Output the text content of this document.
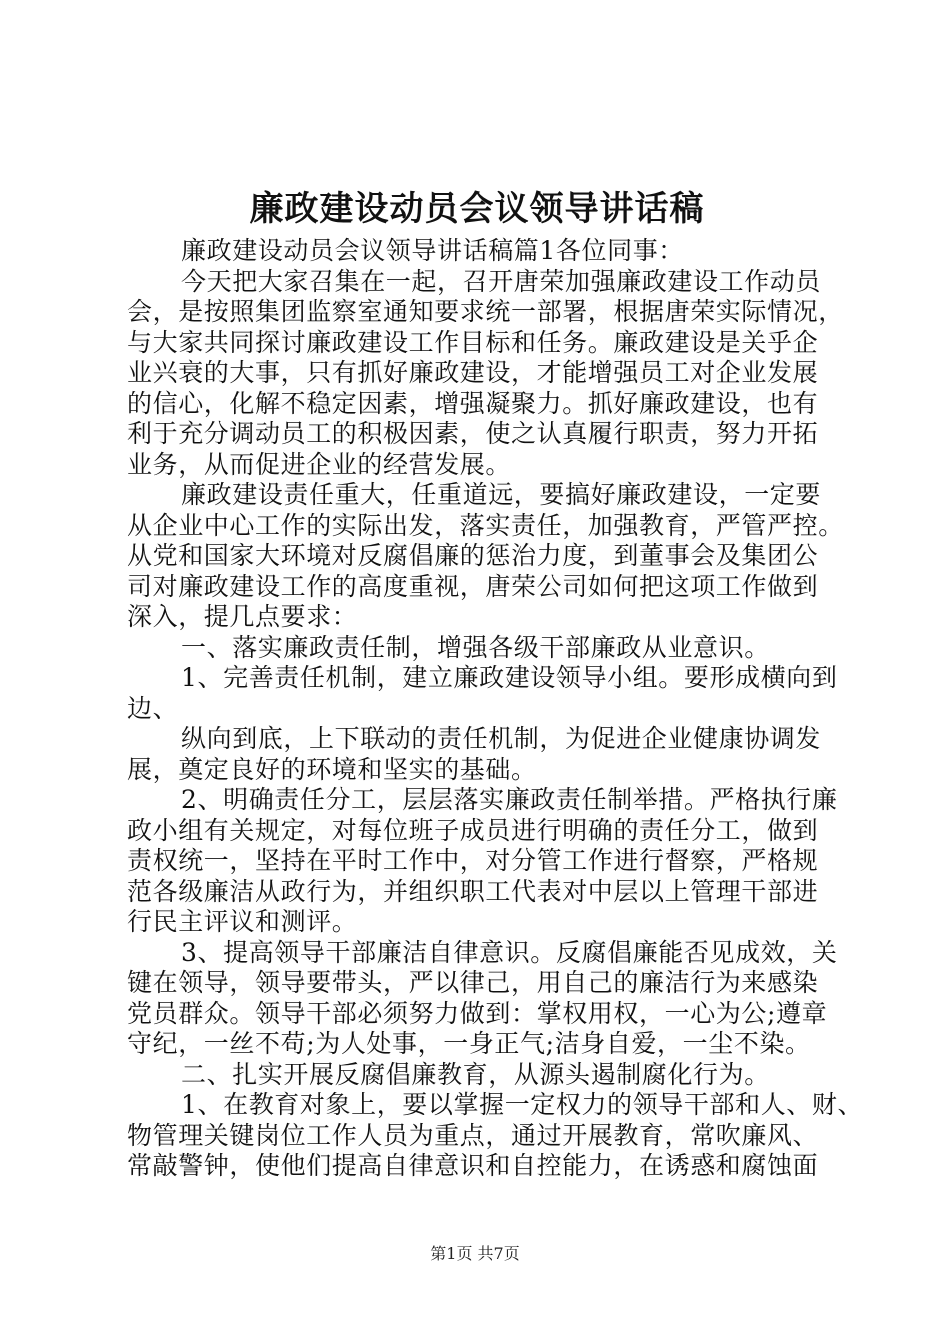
廉政建设动员会议领导讲话稿
廉政建设动员会议领导讲话稿篇1各位同事：
今天把大家召集在一起，召开唐荣加强廉政建设工作动员
会，是按照集团监察室通知要求统一部署，根据唐荣实际情况，
与大家共同探讨廉政建设工作目标和任务。廉政建设是关乎企
业兴衰的大事，只有抓好廉政建设，才能增强员工对企业发展
的信心，化解不稳定因素，增强凝聚力。抓好廉政建设，也有
利于充分调动员工的积极因素，使之认真履行职责，努力开拓
业务，从而促进企业的经营发展。
廉政建设责任重大，任重道远，要搞好廉政建设，一定要
从企业中心工作的实际出发，落实责任，加强教育，严管严控。
从党和国家大环境对反腐倡廉的惩治力度，到董事会及集团公
司对廉政建设工作的高度重视，唐荣公司如何把这项工作做到
深入，提几点要求：
一、落实廉政责任制，增强各级干部廉政从业意识。
1、完善责任机制，建立廉政建设领导小组。要形成横向到
边、
纵向到底，上下联动的责任机制，为促进企业健康协调发
展，奠定良好的环境和坚实的基础。
2、明确责任分工，层层落实廉政责任制举措。严格执行廉
政小组有关规定，对每位班子成员进行明确的责任分工，做到
责权统一，坚持在平时工作中，对分管工作进行督察，严格规
范各级廉洁从政行为，并组织职工代表对中层以上管理干部进
行民主评议和测评。
3、提高领导干部廉洁自律意识。反腐倡廉能否见成效，关
键在领导，领导要带头，严以律己，用自己的廉洁行为来感染
党员群众。领导干部必须努力做到：掌权用权，一心为公;遵章
守纪，一丝不苟;为人处事，一身正气;洁身自爱，一尘不染。
二、扎实开展反腐倡廉教育，从源头遏制腐化行为。
1、在教育对象上，要以掌握一定权力的领导干部和人、财、
物管理关键岗位工作人员为重点，通过开展教育，常吹廉风、
常敲警钟，使他们提高自律意识和自控能力，在诱惑和腐蚀面
第1页 共7页
